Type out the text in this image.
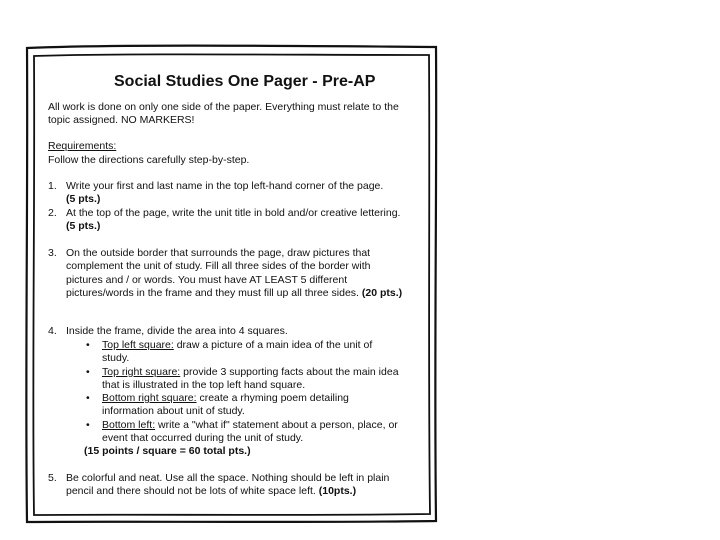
Social Studies One Pager - Pre-AP
All work is done on only one side of the paper. Everything must relate to the topic assigned. NO MARKERS!
Requirements:
Follow the directions carefully step-by-step.
1. Write your first and last name in the top left-hand corner of the page.
(5 pts.)
2. At the top of the page, write the unit title in bold and/or creative lettering. (5 pts.)
3. On the outside border that surrounds the page, draw pictures that complement the unit of study. Fill all three sides of the border with pictures and / or words. You must have AT LEAST 5 different pictures/words in the frame and they must fill up all three sides. (20 pts.)
4. Inside the frame, divide the area into 4 squares.
• Top left square: draw a picture of a main idea of the unit of study.
• Top right square: provide 3 supporting facts about the main idea that is illustrated in the top left hand square.
• Bottom right square: create a rhyming poem detailing information about unit of study.
• Bottom left: write a "what if" statement about a person, place, or event that occurred during the unit of study.
(15 points / square = 60 total pts.)
5. Be colorful and neat. Use all the space. Nothing should be left in plain pencil and there should not be lots of white space left. (10pts.)
